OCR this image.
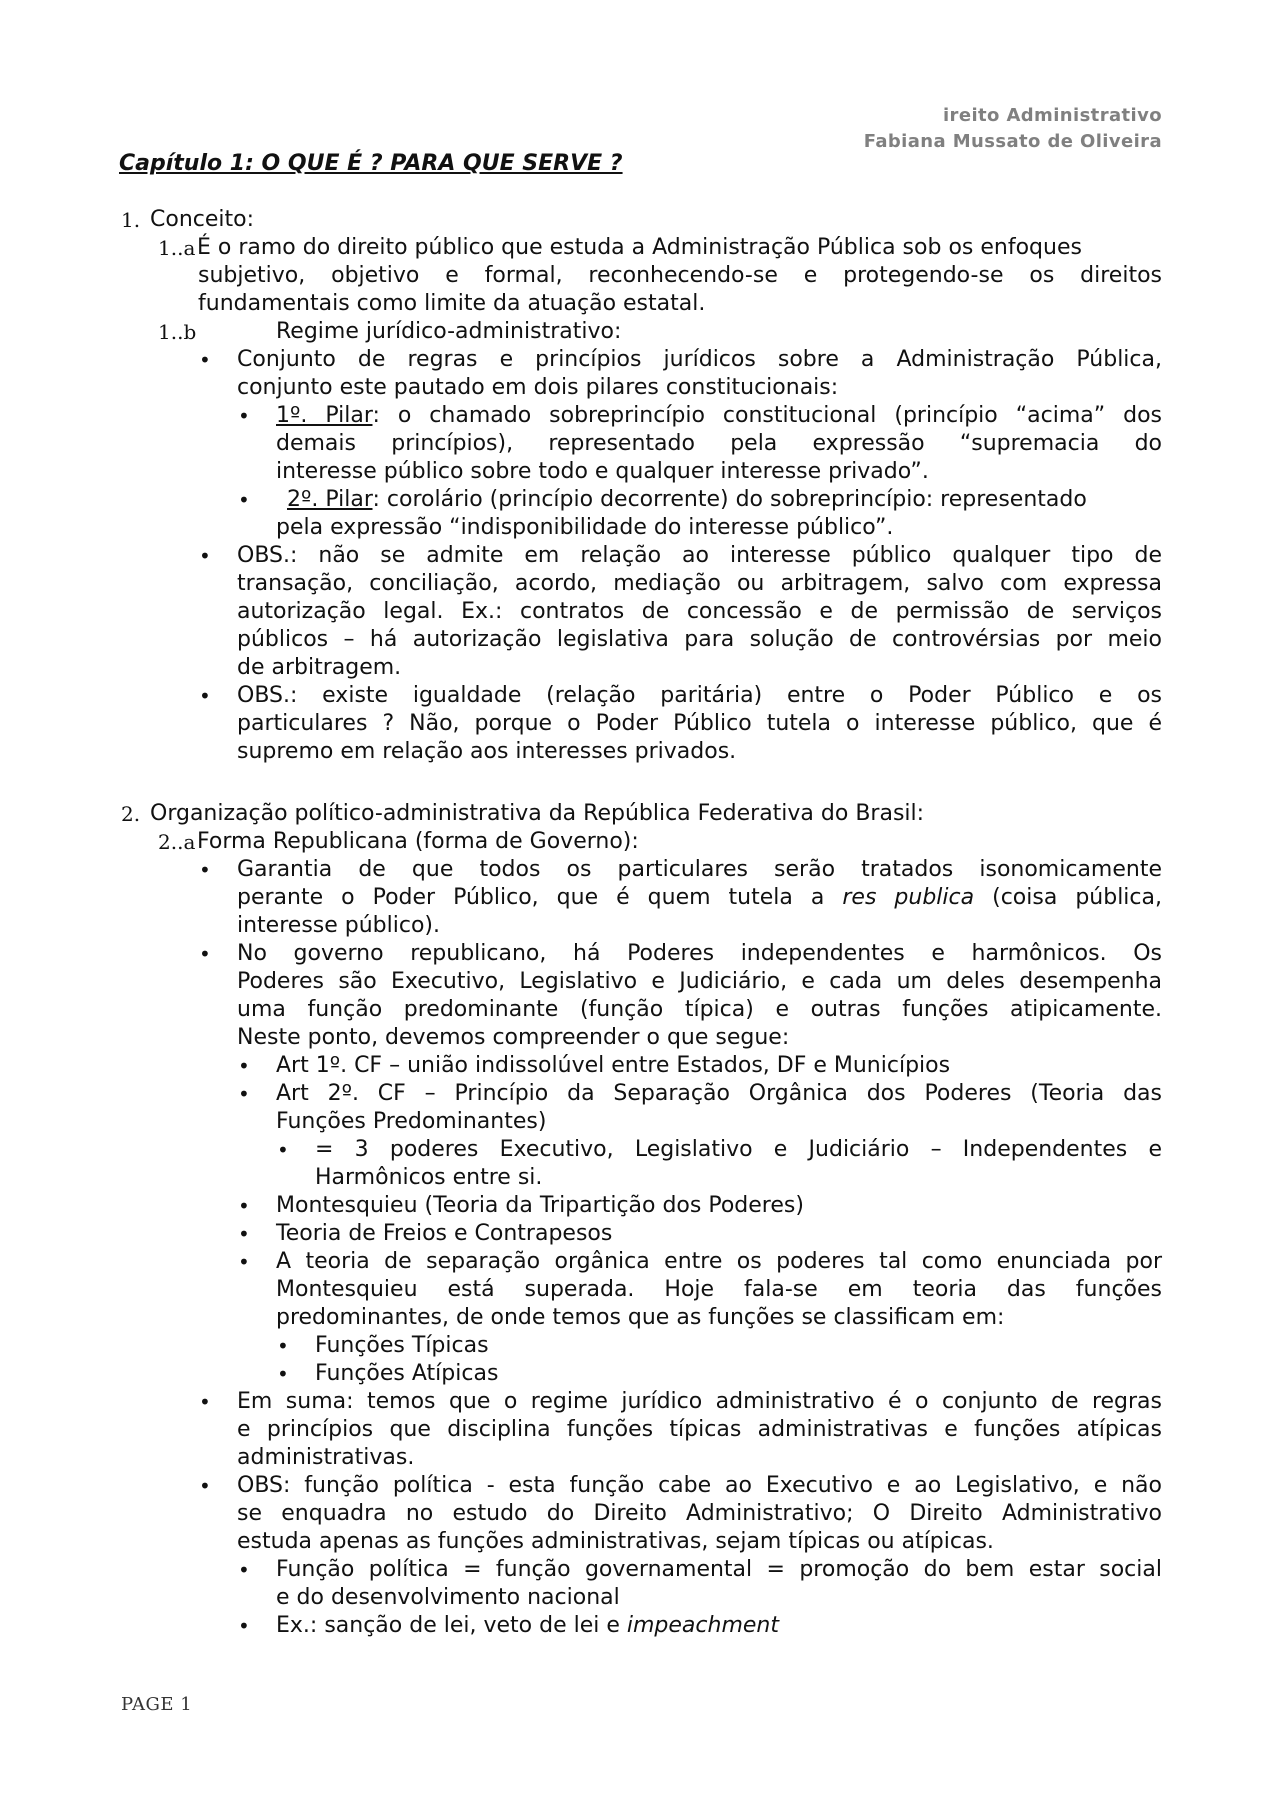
ireito Administrativo
Fabiana Mussato de Oliveira
Capítulo 1: O QUE É ? PARA QUE SERVE ?
1. Conceito:
1..a É o ramo do direito público que estuda a Administração Pública sob os enfoques
subjetivo, objetivo e formal, reconhecendo-se e protegendo-se os direitos
fundamentais como limite da atuação estatal.
1..b	Regime jurídico-administrativo:
• Conjunto de regras e princípios jurídicos sobre a Administração Pública,
conjunto este pautado em dois pilares constitucionais:
• 1º. Pilar: o chamado sobreprincípio constitucional (princípio “acima” dos
demais princípios), representado pela expressão “supremacia do
interesse público sobre todo e qualquer interesse privado”.
• 2º. Pilar: corolário (princípio decorrente) do sobreprincípio: representado
pela expressão “indisponibilidade do interesse público”.
• OBS.: não se admite em relação ao interesse público qualquer tipo de
transação, conciliação, acordo, mediação ou arbitragem, salvo com expressa
autorização legal. Ex.: contratos de concessão e de permissão de serviços
públicos – há autorização legislativa para solução de controvérsias por meio
de arbitragem.
• OBS.: existe igualdade (relação paritária) entre o Poder Público e os
particulares ? Não, porque o Poder Público tutela o interesse público, que é
supremo em relação aos interesses privados.
2. Organização político-administrativa da República Federativa do Brasil:
2..a Forma Republicana (forma de Governo):
• Garantia de que todos os particulares serão tratados isonomicamente
perante o Poder Público, que é quem tutela a res publica (coisa pública,
interesse público).
• No governo republicano, há Poderes independentes e harmônicos. Os
Poderes são Executivo, Legislativo e Judiciário, e cada um deles desempenha
uma função predominante (função típica) e outras funções atipicamente.
Neste ponto, devemos compreender o que segue:
• Art 1º. CF – união indissolúvel entre Estados, DF e Municípios
• Art 2º. CF – Princípio da Separação Orgânica dos Poderes (Teoria das
Funções Predominantes)
• = 3 poderes Executivo, Legislativo e Judiciário – Independentes e
Harmônicos entre si.
• Montesquieu (Teoria da Tripartição dos Poderes)
• Teoria de Freios e Contrapesos
• A teoria de separação orgânica entre os poderes tal como enunciada por
Montesquieu está superada. Hoje fala-se em teoria das funções
predominantes, de onde temos que as funções se classificam em:
• Funções Típicas
• Funções Atípicas
• Em suma: temos que o regime jurídico administrativo é o conjunto de regras
e princípios que disciplina funções típicas administrativas e funções atípicas
administrativas.
• OBS: função política - esta função cabe ao Executivo e ao Legislativo, e não
se enquadra no estudo do Direito Administrativo; O Direito Administrativo
estuda apenas as funções administrativas, sejam típicas ou atípicas.
• Função política = função governamental = promoção do bem estar social
e do desenvolvimento nacional
• Ex.: sanção de lei, veto de lei e impeachment
PAGE 1
